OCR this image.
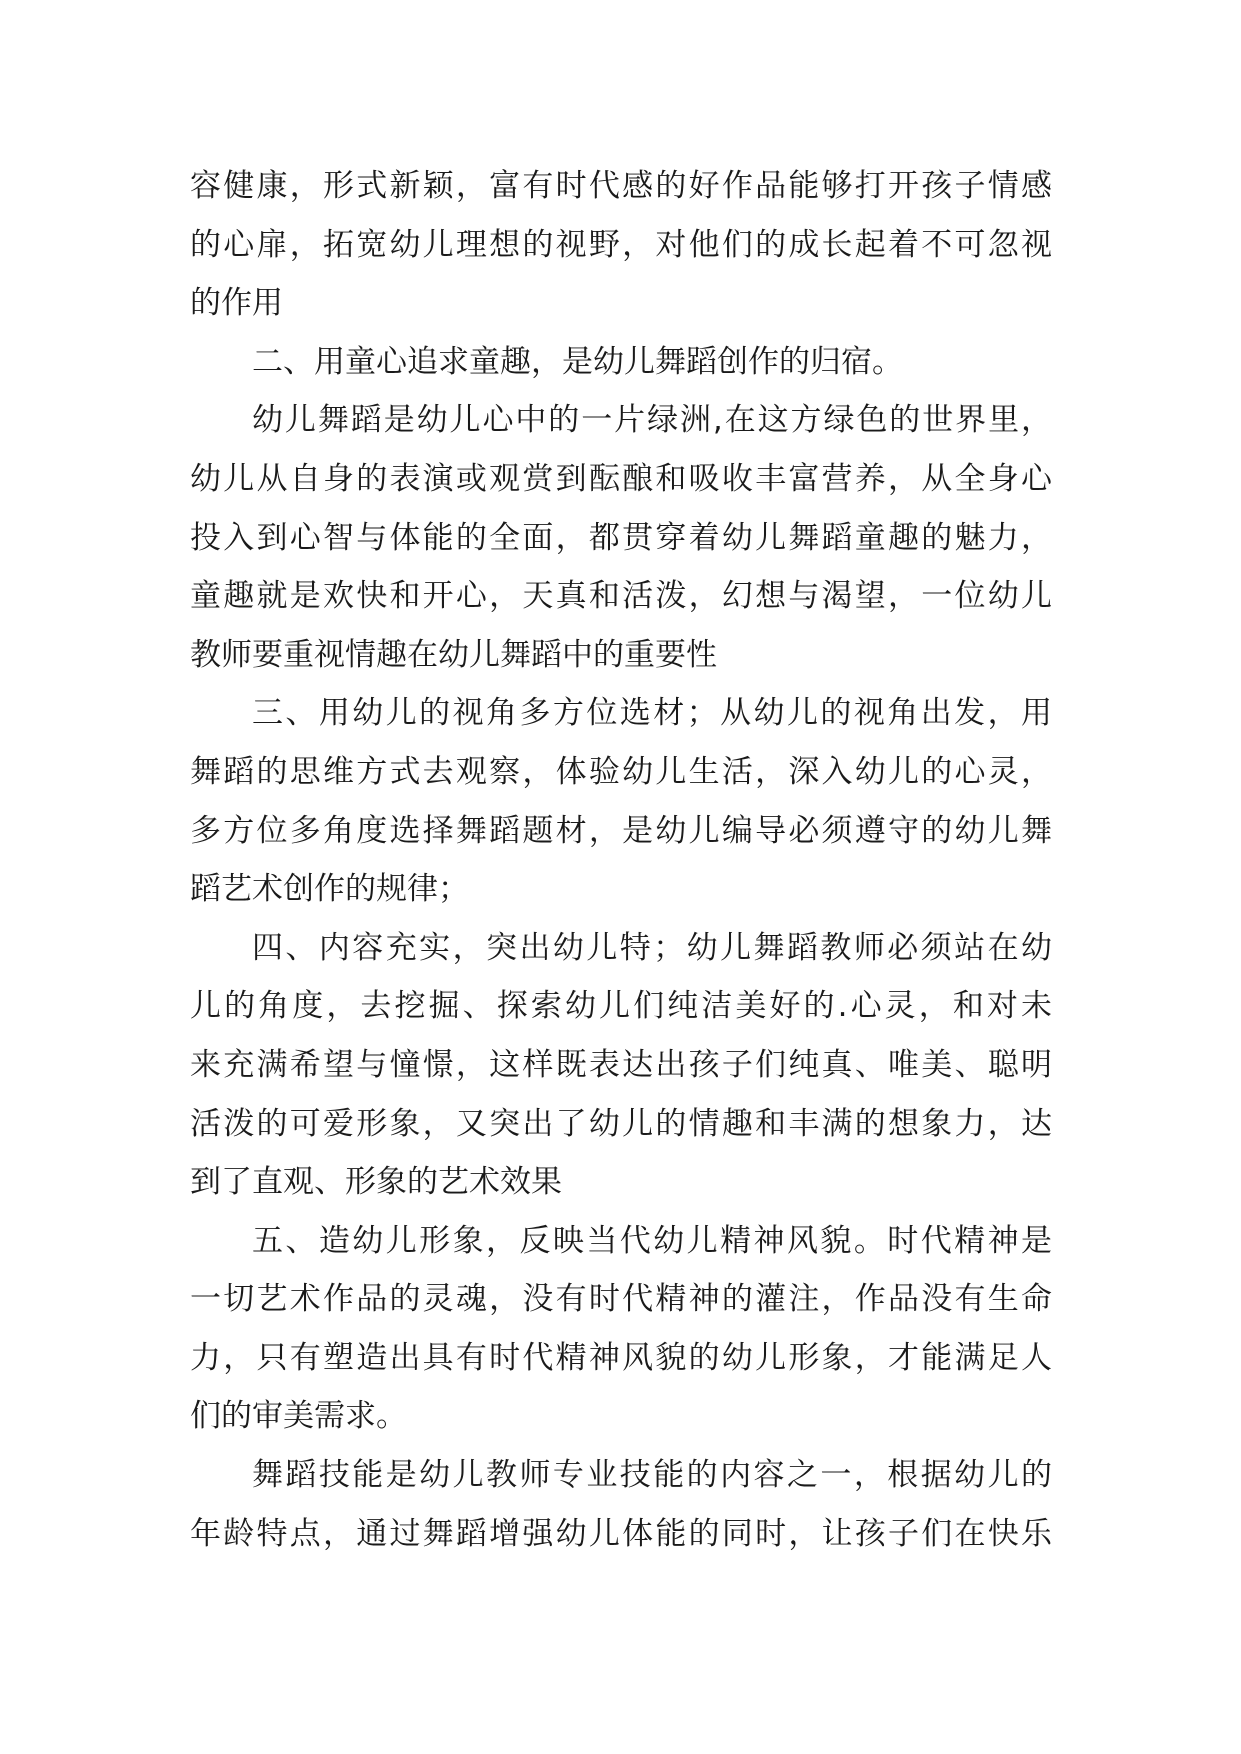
容健康，形式新颖，富有时代感的好作品能够打开孩子情感
的心扉，拓宽幼儿理想的视野，对他们的成长起着不可忽视
的作用
二、用童心追求童趣，是幼儿舞蹈创作的归宿。
幼儿舞蹈是幼儿心中的一片绿洲,在这方绿色的世界里，
幼儿从自身的表演或观赏到酝酿和吸收丰富营养，从全身心
投入到心智与体能的全面，都贯穿着幼儿舞蹈童趣的魅力，
童趣就是欢快和开心，天真和活泼，幻想与渴望，一位幼儿
教师要重视情趣在幼儿舞蹈中的重要性
三、用幼儿的视角多方位选材；从幼儿的视角出发，用
舞蹈的思维方式去观察，体验幼儿生活，深入幼儿的心灵，
多方位多角度选择舞蹈题材，是幼儿编导必须遵守的幼儿舞
蹈艺术创作的规律；
四、内容充实，突出幼儿特；幼儿舞蹈教师必须站在幼
儿的角度，去挖掘、探索幼儿们纯洁美好的.心灵，和对未
来充满希望与憧憬，这样既表达出孩子们纯真、唯美、聪明
活泼的可爱形象，又突出了幼儿的情趣和丰满的想象力，达
到了直观、形象的艺术效果
五、造幼儿形象，反映当代幼儿精神风貌。时代精神是
一切艺术作品的灵魂，没有时代精神的灌注，作品没有生命
力，只有塑造出具有时代精神风貌的幼儿形象，才能满足人
们的审美需求。
舞蹈技能是幼儿教师专业技能的内容之一，根据幼儿的
年龄特点，通过舞蹈增强幼儿体能的同时，让孩子们在快乐
